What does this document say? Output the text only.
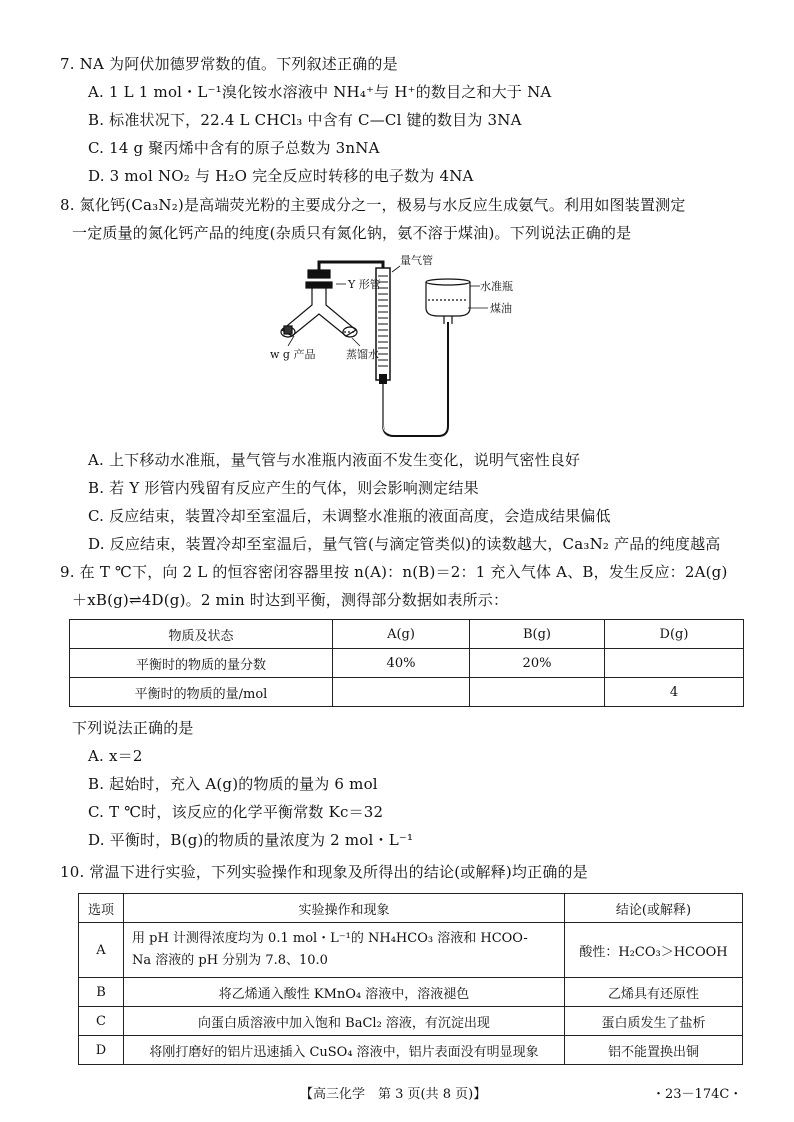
7. NA 为阿伏加德罗常数的值。下列叙述正确的是
A. 1 L 1 mol・L⁻¹溴化铵水溶液中 NH₄⁺与 H⁺的数目之和大于 NA
B. 标准状况下，22.4 L CHCl₃ 中含有 C—Cl 键的数目为 3NA
C. 14 g 聚丙烯中含有的原子总数为 3nNA
D. 3 mol NO₂ 与 H₂O 完全反应时转移的电子数为 4NA
8. 氮化钙(Ca₃N₂)是高端荧光粉的主要成分之一，极易与水反应生成氨气。利用如图装置测定
一定质量的氮化钙产品的纯度(杂质只有氮化钠，氨不溶于煤油)。下列说法正确的是
Y 形管
量气管
水准瓶
煤油
w g 产品	蒸馏水
A. 上下移动水准瓶，量气管与水准瓶内液面不发生变化，说明气密性良好
B. 若 Y 形管内残留有反应产生的气体，则会影响测定结果
C. 反应结束，装置冷却至室温后，未调整水准瓶的液面高度，会造成结果偏低
D. 反应结束，装置冷却至室温后，量气管(与滴定管类似)的读数越大，Ca₃N₂ 产品的纯度越高
9. 在 T ℃下，向 2 L 的恒容密闭容器里按 n(A)：n(B)＝2：1 充入气体 A、B，发生反应：2A(g)
＋xB(g)⇌4D(g)。2 min 时达到平衡，测得部分数据如表所示：
物质及状态	A(g)	B(g)	D(g)
平衡时的物质的量分数	40%	20%	
平衡时的物质的量/mol			4
下列说法正确的是
A. x＝2
B. 起始时，充入 A(g)的物质的量为 6 mol
C. T ℃时，该反应的化学平衡常数 Kc＝32
D. 平衡时，B(g)的物质的量浓度为 2 mol・L⁻¹
10. 常温下进行实验，下列实验操作和现象及所得出的结论(或解释)均正确的是
选项	实验操作和现象	结论(或解释)
A	用 pH 计测得浓度均为 0.1 mol・L⁻¹的 NH₄HCO₃ 溶液和 HCOO-
Na 溶液的 pH 分别为 7.8、10.0	酸性：H₂CO₃＞HCOOH
B	将乙烯通入酸性 KMnO₄ 溶液中，溶液褪色	乙烯具有还原性
C	向蛋白质溶液中加入饱和 BaCl₂ 溶液，有沉淀出现	蛋白质发生了盐析
D	将刚打磨好的铝片迅速插入 CuSO₄ 溶液中，铝片表面没有明显现象	铝不能置换出铜
【高三化学　第 3 页(共 8 页)】	・23－174C・
